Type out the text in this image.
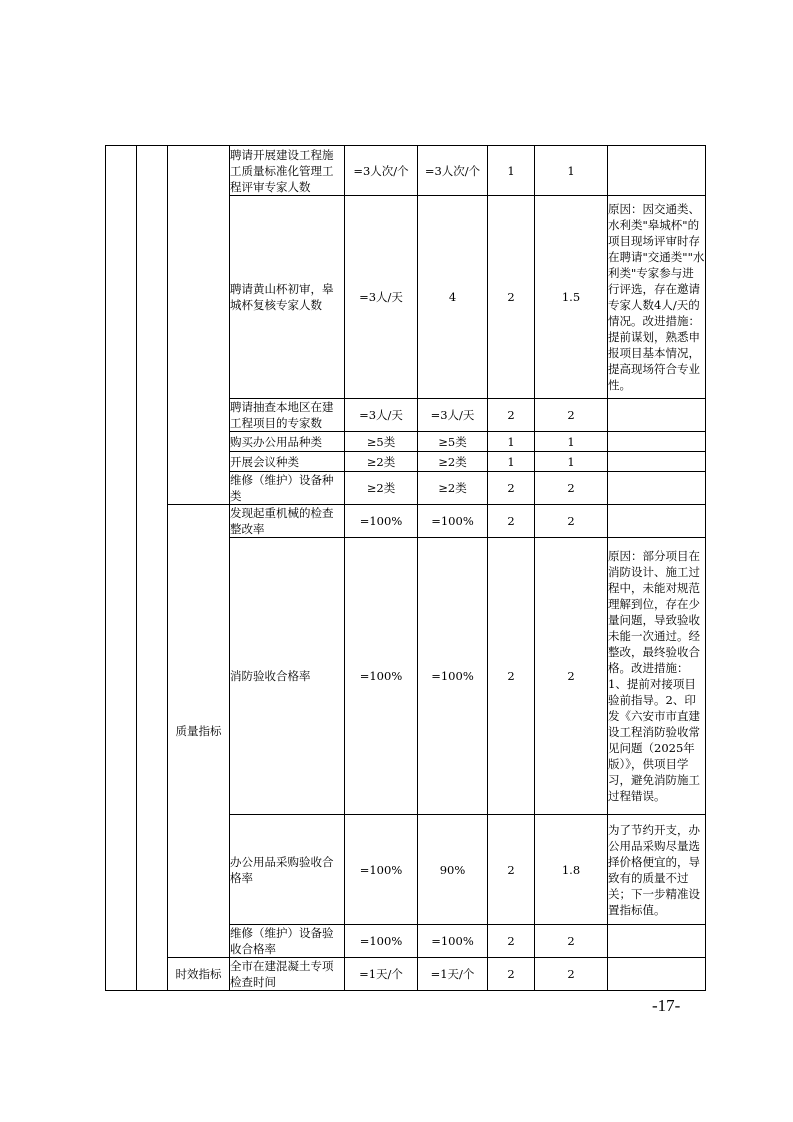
			聘请开展建设工程施工质量标准化管理工程评审专家人数	=3人次/个	=3人次/个	1	1	
			聘请黄山杯初审，皋城杯复核专家人数	=3人/天	4	2	1.5	原因：因交通类、水利类"皋城杯"的项目现场评审时存在聘请"交通类""水利类"专家参与进行评选，存在邀请专家人数4人/天的情况。改进措施：提前谋划，熟悉申报项目基本情况，提高现场符合专业性。
			聘请抽查本地区在建工程项目的专家数	=3人/天	=3人/天	2	2	
			购买办公用品种类	≥5类	≥5类	1	1	
			开展会议种类	≥2类	≥2类	1	1	
			维修（维护）设备种类	≥2类	≥2类	2	2	
		质量指标	发现起重机械的检查整改率	=100%	=100%	2	2	
			消防验收合格率	=100%	=100%	2	2	原因：部分项目在消防设计、施工过程中，未能对规范理解到位，存在少量问题，导致验收未能一次通过。经整改，最终验收合格。改进措施：1、提前对接项目验前指导。2、印发《六安市市直建设工程消防验收常见问题（2025年版）》，供项目学习，避免消防施工过程错误。
			办公用品采购验收合格率	=100%	90%	2	1.8	为了节约开支，办公用品采购尽量选择价格便宜的，导致有的质量不过关；下一步精准设置指标值。
			维修（维护）设备验收合格率	=100%	=100%	2	2	
		时效指标	全市在建混凝土专项检查时间	=1天/个	=1天/个	2	2	
-17-
